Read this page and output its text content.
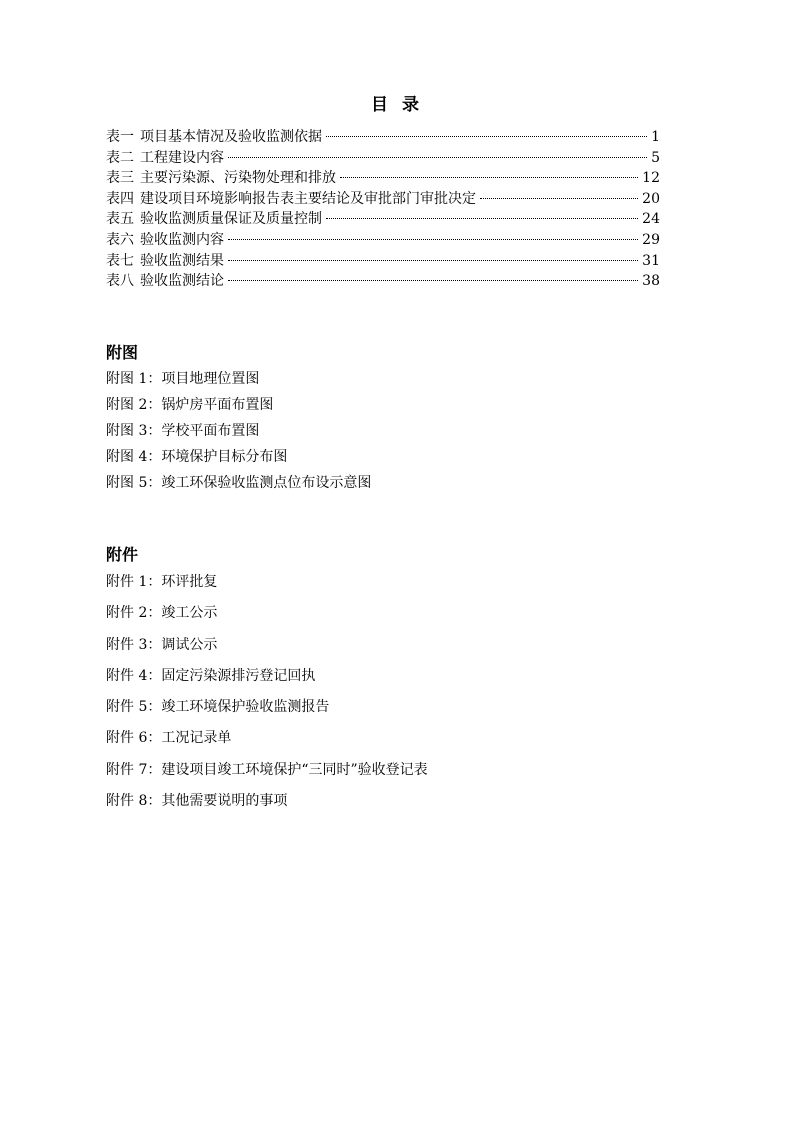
目 录
表一 项目基本情况及验收监测依据	1
表二 工程建设内容	5
表三 主要污染源、污染物处理和排放	12
表四 建设项目环境影响报告表主要结论及审批部门审批决定	20
表五 验收监测质量保证及质量控制	24
表六 验收监测内容	29
表七 验收监测结果	31
表八 验收监测结论	38
附图
附图 1：项目地理位置图
附图 2：锅炉房平面布置图
附图 3：学校平面布置图
附图 4：环境保护目标分布图
附图 5：竣工环保验收监测点位布设示意图
附件
附件 1：环评批复
附件 2：竣工公示
附件 3：调试公示
附件 4：固定污染源排污登记回执
附件 5：竣工环境保护验收监测报告
附件 6：工况记录单
附件 7：建设项目竣工环境保护“三同时”验收登记表
附件 8：其他需要说明的事项
